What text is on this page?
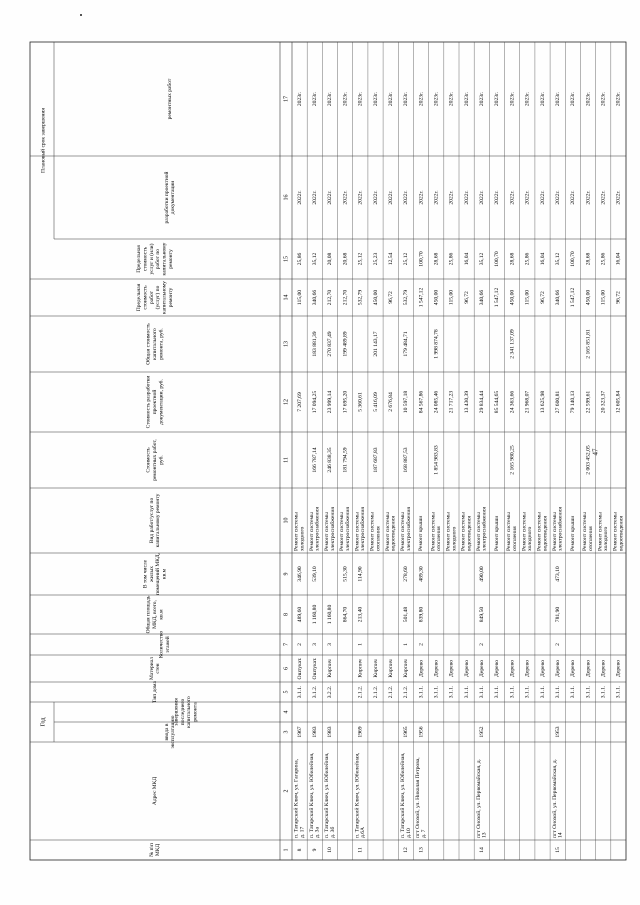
№ п\пМКД
Адрес МКД
ввода вэксплуатацию
завершенияпоследнегокапитальногоремонта
Тип дома
Материалстен
Количествоэтажей
Общая площадьМКД, всего,кв.м
В том числежилыхпомещений МКД,кв.м
Вид работ/услуг покапитальному ремонту
Стоимостьремонтных работ,руб.
Стоимость разработкипроектнойдокументации, руб.
Общая стоимостькапитальногоремонта, руб.
Предельнаястоимостьработ(услуг) покапитальномуремонту
Предельнаястоимостьуслуг и (или)работ покапитальномуремонту
разработки проектнойдокументации
ремонтных работ
Год
Плановый срок завершения
1
2
3
4
5
6
7
8
9
10
11
12
13
14
15
16
17
8
п. Татарский Ключ, ул. Гагарина,д. 17
1967
3.1.1.
Оштукат.
2
489,60
346,90
Ремонт системыхолодного
7 207,69
115,00
25,86
2022г.
2023г.
9
п. Татарский Ключ, ул. Юбилейная,д. 3а
1983
3.1.2.
Оштукат.
3
1 160,80
539,10
Ремонт системыэлектроснабжения
166 787,14
17 094,25
183 881,39
340,66
35,12
2022г.
2023г.
10
п. Татарский Ключ, ул. Юбилейная,д. 3б
1983
3.2.2.
Кирпич
3
1 160,80
Ремонт системыэлектроснабжения
246 838,35
23 999,14
270 837,49
212,70
20,08
2022г.
2023г.
864,70
515,30
Ремонт системыэлектроснабжения
181 794,59
17 695,20
199 489,89
212,70
20,68
2022г.
2023г.
11
п. Татарский Ключ, ул. Юбилейная,д.6А
1969
2.1.2.
Кирпич
1
213,40
114,90
Ремонт системыэлектроснабжения
5 360,61
532,79
25,12
2022г.
2023г.
2.1.2.
Кирпич
Ремонт системыотопления
187 687,83
5 416,09
201 143,17
450,00
25,23
2022г.
2023г.
2.1.2.
Кирпич
Ремонт системыводоотведения
2 676,84
96,72
12,54
2022г.
2023г.
12
п. Татарский Ключ, ул. Юбилейная,д.10
1965
2.1.2.
Кирпич
1
501,48
278,60
Ремонт системыэлектроснабжения
168 887,53
10 597,18
179 484,71
532,79
25,12
2022г.
2023г.
13
пгт Онохой, ул. Николая Петрова,д. 7
1956
3.1.1.
Дерево
2
839,80
489,30
Ремонт крыши
84 567,86
1 547,12
100,70
2022г.
2023г.
3.1.1.
Дерево
Ремонт системыотопления
1 854 983,83
24 085,46
1 998 874,78
450,00
28,68
2022г.
2023г.
3.1.1.
Дерево
Ремонт системыхолодного
21 717,23
115,00
25,86
2022г.
2023г.
3.1.1.
Дерево
Ремонт системыводоотведения
13 430,39
96,72
16,04
2022г.
2023г.
14
пгт Онохой, ул. Первомайская, д.13
1952
3.1.1.
Дерево
2
849,50
490,00
Ремонт системыэлектроснабжения
29 834,44
340,66
35,12
2022г.
2023г.
3.1.1.
Дерево
Ремонт крыши
85 544,65
1 547,12
100,70
2022г.
2023г.
3.1.1.
Дерево
Ремонт системыотопления
2 165 980,25
24 363,66
2 341 137,09
450,00
28,68
2022г.
2023г.
3.1.1.
Дерево
Ремонт системыхолодного
21 968,07
115,00
25,86
2022г.
2023г.
3.1.1.
Дерево
Ремонт системыводоотведения
13 625,98
96,72
16,04
2022г.
2023г.
15
пгт Онохой, ул. Первомайская, д.14
1953
3.1.1.
Дерево
2
781,90
473,10
Ремонт системыэлектроснабжения
27 600,81
340,66
35,12
2022г.
2023г.
3.1.1.
Дерево
Ремонт крыши
79 140,13
1 547,12
100,70
2022г.
2023г.
3.1.1.
Дерево
Ремонт системыотопления
2 003 452,05
22 599,61
2 165 851,81
450,00
28,68
2022г.
2023г.
3.1.1.
Дерево
Ремонт системыхолодного
20 323,37
115,00
25,86
2022г.
2023г.
3.1.1.
Дерево
Ремонт системыводоотведения
12 605,84
96,72
16,04
2022г.
2023г.
47
